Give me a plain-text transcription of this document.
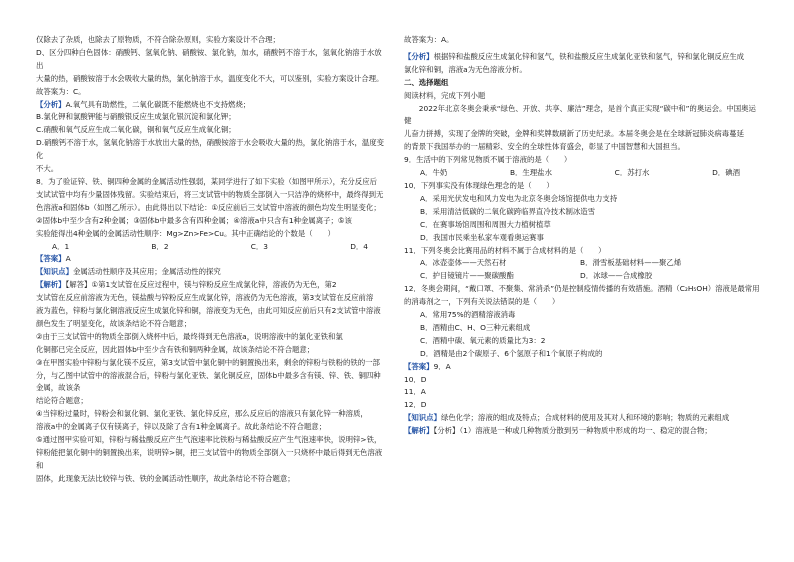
仅除去了杂质，也除去了原物质，不符合除杂原则，实验方案设计不合理；

D、区分四种白色固体：硝酸钙、氢氧化钠、硝酸铵、氯化钠，加水，硝酸钙不溶于水，氢氧化钠溶于水放出

大量的热，硝酸铵溶于水会吸收大量的热，氯化钠溶于水，温度变化不大，可以鉴别，实验方案设计合理。

故答案为：C。

【分析】A.氧气具有助燃性，二氧化碳既不能燃烧也不支持燃烧；

B.氯化钾和氯酸钾能与硝酸银反应生成氯化银沉淀和氯化钾；

C.硝酸和氧气反应生成二氧化碳，铜和氧气反应生成氧化铜；

D.硝酸钙不溶于水，氢氧化钠溶于水放出大量的热，硝酸铵溶于水会吸收大量的热，氯化钠溶于水，温度变化

不大。

8．为了验证锌、铁、铜四种金属的金属活动性强弱，某同学进行了如下实验（如图甲所示），充分反应后

支试试管中均有少量固体残留。实验结束后，将三支试管中的物质全部倒入一只洁净的烧杯中，最终得到无

色溶液a和固体b（如图乙所示）。由此得出以下结论：①反应前后三支试管中溶液的颜色均发生明显变化；

②固体b中至少含有2种金属；③固体b中最多含有四种金属；④溶液a中只含有1种金属离子；⑤该

实验能得出4种金属的金属活动性顺序：Mg>Zn>Fe>Cu。其中正确结论的个数是（　　）

A．1	B．2	C．3	D．4

【答案】A

【知识点】金属活动性顺序及其应用；金属活动性的探究

【解析】【解答】①第1支试管在反应过程中，镁与锌粉反应生成氯化锌，溶液仍为无色，第2

支试管在反应前溶液为无色，镁盐酸与锌粉反应生成氯化锌，溶液仍为无色溶液，第3支试管在反应前溶

液为蓝色，锌粉与氯化铜溶液反应生成氯化锌和铜，溶液变为无色，由此可知反应前后只有2支试管中溶液

颜色发生了明显变化，故该条结论不符合题意；

②由于三支试管中的物质全部倒入烧杯中后，最终得到无色溶液a，说明溶液中的氯化亚铁和氯

化铜都已完全反应，因此固体b中至少含有铁和铜两种金属，故该条结论不符合题意；

③在甲图实验中锌粉与氯化镁不反应，第3支试管中氯化铜中的铜置换出来，剩余的锌粉与铁粉的铁的一部

分，与乙图中试管中的溶液混合后，锌粉与氯化亚铁、氯化铜反应，固体b中最多含有镁、锌、铁、铜四种金属，故该条

结论符合题意；

④当锌粉过量时，锌粉会和氯化铜、氯化亚铁、氯化锌反应，那么反应后的溶液只有氯化锌一种溶质，

溶液a中的金属离子仅有镁离子，锌以及除了含有1种金属离子。故此条结论不符合题意；

⑤通过图甲实验可知，锌粉与稀盐酸反应产生气泡速率比铁粉与稀盐酸反应产生气泡速率快，说明锌>铁，

锌粉能把氯化铜中的铜置换出来，说明锌>铜，把三支试管中的物质全部倒入一只烧杯中最后得到无色溶液和

固体，此现象无法比较锌与铁、铁的金属活动性顺序，故此条结论不符合题意；

故答案为：A。

【分析】根据锌和盐酸反应生成氯化锌和氢气，铁和盐酸反应生成氯化亚铁和氢气，锌和氯化铜反应生成

氯化锌和铜，溶液a为无色溶液分析。

二、选择题组

阅读材料，完成下列小题

2022年北京冬奥会秉承“绿色、开放、共享、廉洁”理念，是首个真正实现“碳中和”的奥运会。中国奥运健

儿奋力拼搏，实现了金牌的突破，金牌和奖牌数刷新了历史纪录。本届冬奥会是在全球新冠肺炎病毒蔓延

的背景下我国举办的一届精彩、安全的全球性体育盛会，彰显了中国智慧和大国担当。

9．生活中的下列常见物质不属于溶液的是（　　）

A．牛奶	B．生理盐水	C．苏打水	D．碘酒

10．下列事实没有体现绿色理念的是（　　）

A．采用光伏发电和风力发电为北京冬奥会场馆提供电力支持

B．采用清洁低碳的二氧化碳跨临界直冷技术制冰造雪

C．在赛事场馆周围和周围大力植树植草

D．我国市民乘坐私家车观看奥运赛事

11．下列冬奥会比赛用品的材料不属于合成材料的是（　　）

A．冰壶壶体——天然石材	B．滑雪板基础材料——聚乙烯
C．护目镜镜片——聚碳酸酯	D．冰球——合成橡胶

12．冬奥会期间，“戴口罩、不聚集、常消杀”仍是控制疫情传播的有效措施。酒精（C₂H₅OH）溶液是最常用

的消毒剂之一，下列有关说法错误的是（　　）

A．常用75%的酒精溶液消毒

B．酒精由C、H、O三种元素组成

C．酒精中碳、氧元素的质量比为3：2

D．酒精是由2个碳原子、6个氢原子和1个氧原子构成的

【答案】9．A

10．D

11．A

12．D

【知识点】绿色化学；溶液的组成及特点；合成材料的使用及其对人和环境的影响；物质的元素组成

【解析】【分析】（1）溶液是一种或几种物质分散到另一种物质中形成的均一、稳定的混合物；
